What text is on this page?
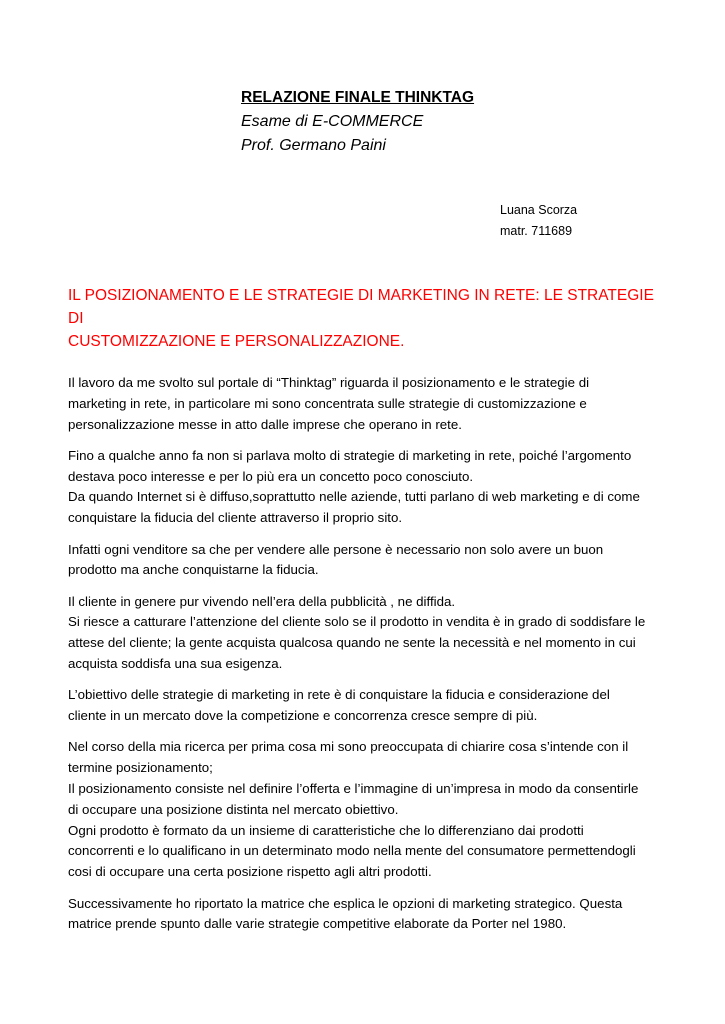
RELAZIONE FINALE THINKTAG
Esame di E-COMMERCE
Prof. Germano Paini
Luana Scorza
matr. 711689
IL POSIZIONAMENTO E LE STRATEGIE DI MARKETING IN RETE: LE STRATEGIE DI
CUSTOMIZZAZIONE E PERSONALIZZAZIONE.

Il lavoro da me svolto sul portale di “Thinktag” riguarda il posizionamento e le strategie di
marketing in rete, in particolare mi sono concentrata sulle strategie di customizzazione e
personalizzazione messe in atto dalle imprese che operano in rete.

Fino a qualche anno fa non si parlava molto di strategie di marketing in rete, poiché l’argomento
destava poco interesse e per lo più era un concetto poco conosciuto.
Da quando Internet si è diffuso,soprattutto nelle aziende, tutti parlano di web marketing e di come
conquistare la fiducia del cliente attraverso il proprio sito.

Infatti ogni venditore sa che per vendere alle persone è necessario non solo avere un buon
prodotto ma anche conquistarne la fiducia.

Il cliente in genere pur vivendo nell’era della pubblicità , ne diffida.
Si riesce a catturare l’attenzione del cliente solo se il prodotto in vendita è in grado di soddisfare le
attese del cliente; la gente acquista qualcosa quando ne sente la necessità e nel momento in cui
acquista soddisfa una sua esigenza.

L’obiettivo delle strategie di marketing in rete è di conquistare la fiducia e considerazione del
cliente in un mercato dove la competizione e concorrenza cresce sempre di più.

Nel corso della mia ricerca per prima cosa mi sono preoccupata di chiarire cosa s’intende con il
termine posizionamento;
Il posizionamento consiste nel definire l’offerta e l’immagine di un’impresa in modo da consentirle
di occupare una posizione distinta nel mercato obiettivo.
Ogni prodotto è formato da un insieme di caratteristiche che lo differenziano dai prodotti
concorrenti e lo qualificano in un determinato modo nella mente del consumatore permettendogli
cosi di occupare una certa posizione rispetto agli altri prodotti.

Successivamente ho riportato la matrice che esplica le opzioni di marketing strategico. Questa
matrice prende spunto dalle varie strategie competitive elaborate da Porter nel 1980.
